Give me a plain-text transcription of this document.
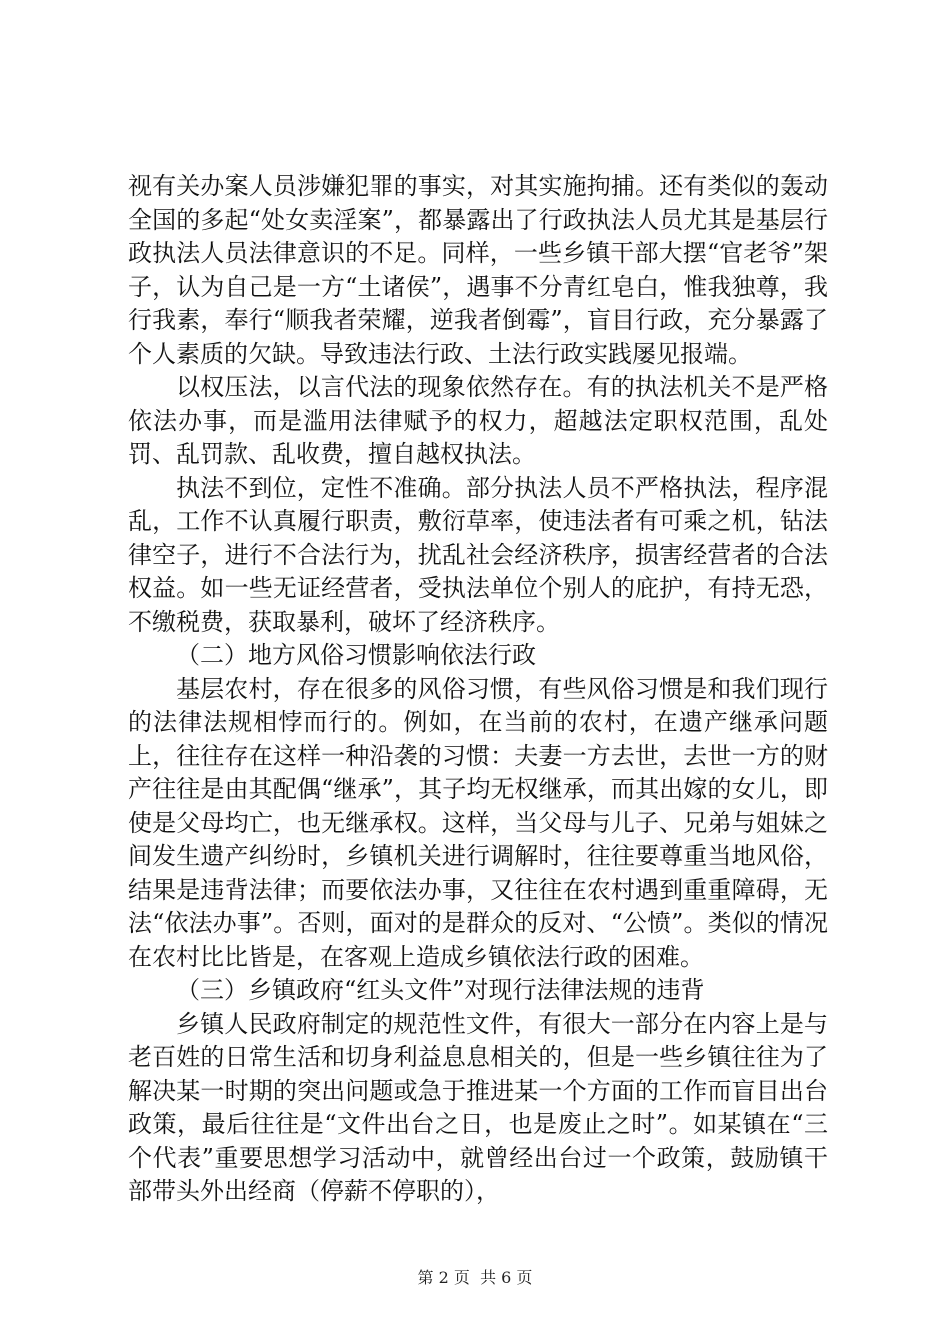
视有关办案人员涉嫌犯罪的事实，对其实施拘捕。还有类似的轰动全国的多起“处女卖淫案”，都暴露出了行政执法人员尤其是基层行政执法人员法律意识的不足。同样，一些乡镇干部大摆“官老爷”架子，认为自己是一方“土诸侯”，遇事不分青红皂白，惟我独尊，我行我素，奉行“顺我者荣耀，逆我者倒霉”，盲目行政，充分暴露了个人素质的欠缺。导致违法行政、土法行政实践屡见报端。

以权压法，以言代法的现象依然存在。有的执法机关不是严格依法办事，而是滥用法律赋予的权力，超越法定职权范围，乱处罚、乱罚款、乱收费，擅自越权执法。

执法不到位，定性不准确。部分执法人员不严格执法，程序混乱，工作不认真履行职责，敷衍草率，使违法者有可乘之机，钻法律空子，进行不合法行为，扰乱社会经济秩序，损害经营者的合法权益。如一些无证经营者，受执法单位个别人的庇护，有持无恐，不缴税费，获取暴利，破坏了经济秩序。

（二）地方风俗习惯影响依法行政

基层农村，存在很多的风俗习惯，有些风俗习惯是和我们现行的法律法规相悖而行的。例如，在当前的农村，在遗产继承问题上，往往存在这样一种沿袭的习惯：夫妻一方去世，去世一方的财产往往是由其配偶“继承”，其子均无权继承，而其出嫁的女儿，即使是父母均亡，也无继承权。这样，当父母与儿子、兄弟与姐妹之间发生遗产纠纷时，乡镇机关进行调解时，往往要尊重当地风俗，结果是违背法律；而要依法办事，又往往在农村遇到重重障碍，无法“依法办事”。否则，面对的是群众的反对、“公愤”。类似的情况在农村比比皆是，在客观上造成乡镇依法行政的困难。

（三）乡镇政府“红头文件”对现行法律法规的违背

乡镇人民政府制定的规范性文件，有很大一部分在内容上是与老百姓的日常生活和切身利益息息相关的，但是一些乡镇往往为了解决某一时期的突出问题或急于推进某一个方面的工作而盲目出台政策，最后往往是“文件出台之日，也是废止之时”。如某镇在“三个代表”重要思想学习活动中，就曾经出台过一个政策，鼓励镇干部带头外出经商（停薪不停职的），

第 2 页  共 6 页
